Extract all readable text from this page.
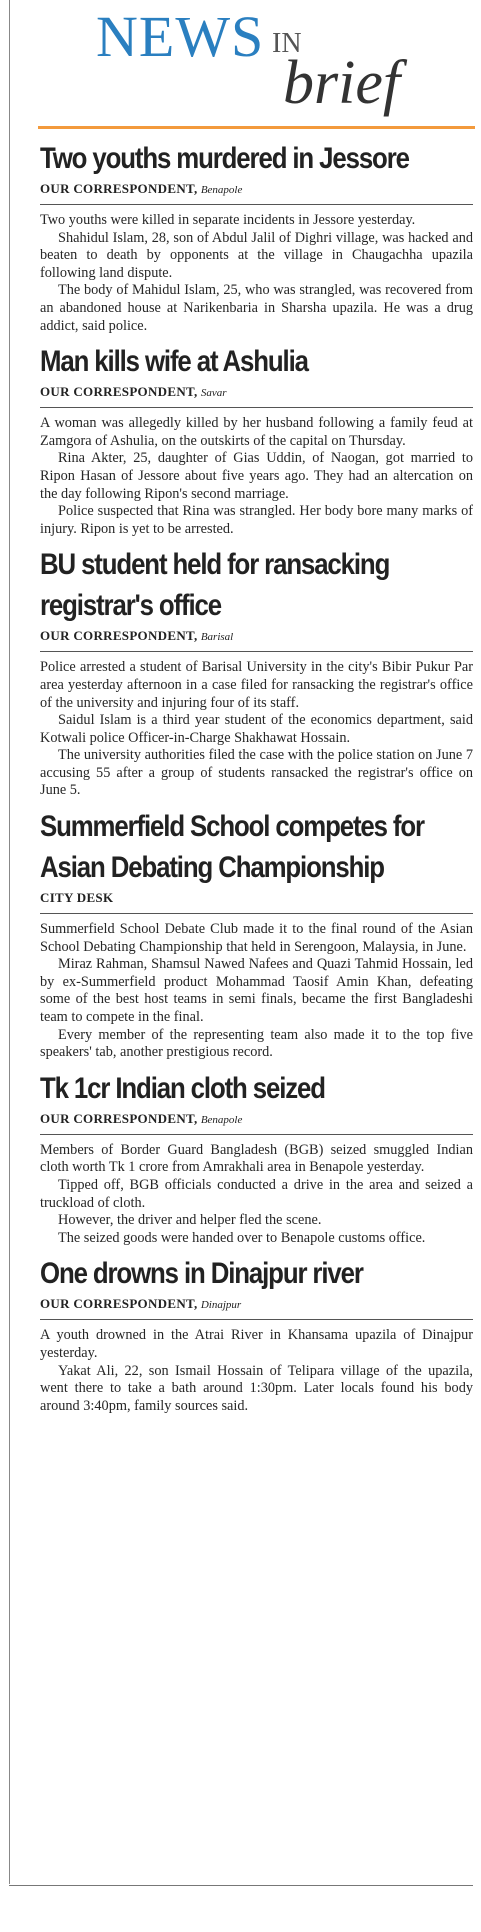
NEWS IN
brief
Two youths murdered in Jessore
OUR CORRESPONDENT, Benapole

Two youths were killed in separate incidents in Jessore yesterday.

Shahidul Islam, 28, son of Abdul Jalil of Dighri village, was hacked and beaten to death by opponents at the village in Chaugachha upazila following land dispute.

The body of Mahidul Islam, 25, who was strangled, was recovered from an abandoned house at Narikenbaria in Sharsha upazila. He was a drug addict, said police.

Man kills wife at Ashulia
OUR CORRESPONDENT, Savar

A woman was allegedly killed by her husband following a family feud at Zamgora of Ashulia, on the outskirts of the capital on Thursday.

Rina Akter, 25, daughter of Gias Uddin, of Naogan, got married to Ripon Hasan of Jessore about five years ago. They had an altercation on the day following Ripon's second marriage.

Police suspected that Rina was strangled. Her body bore many marks of injury. Ripon is yet to be arrested.

BU student held for ransacking registrar's office
OUR CORRESPONDENT, Barisal

Police arrested a student of Barisal University in the city's Bibir Pukur Par area yesterday afternoon in a case filed for ransacking the registrar's office of the university and injuring four of its staff.

Saidul Islam is a third year student of the economics department, said Kotwali police Officer-in-Charge Shakhawat Hossain.

The university authorities filed the case with the police station on June 7 accusing 55 after a group of students ransacked the registrar's office on June 5.

Summerfield School competes for Asian Debating Championship
CITY DESK

Summerfield School Debate Club made it to the final round of the Asian School Debating Championship that held in Serengoon, Malaysia, in June.

Miraz Rahman, Shamsul Nawed Nafees and Quazi Tahmid Hossain, led by ex-Summerfield product Mohammad Taosif Amin Khan, defeating some of the best host teams in semi finals, became the first Bangladeshi team to compete in the final.

Every member of the representing team also made it to the top five speakers' tab, another prestigious record.

Tk 1cr Indian cloth seized
OUR CORRESPONDENT, Benapole

Members of Border Guard Bangladesh (BGB) seized smuggled Indian cloth worth Tk 1 crore from Amrakhali area in Benapole yesterday.

Tipped off, BGB officials conducted a drive in the area and seized a truckload of cloth.

However, the driver and helper fled the scene.

The seized goods were handed over to Benapole customs office.

One drowns in Dinajpur river
OUR CORRESPONDENT, Dinajpur

A youth drowned in the Atrai River in Khansama upazila of Dinajpur yesterday.

Yakat Ali, 22, son Ismail Hossain of Telipara village of the upazila, went there to take a bath around 1:30pm. Later locals found his body around 3:40pm, family sources said.
